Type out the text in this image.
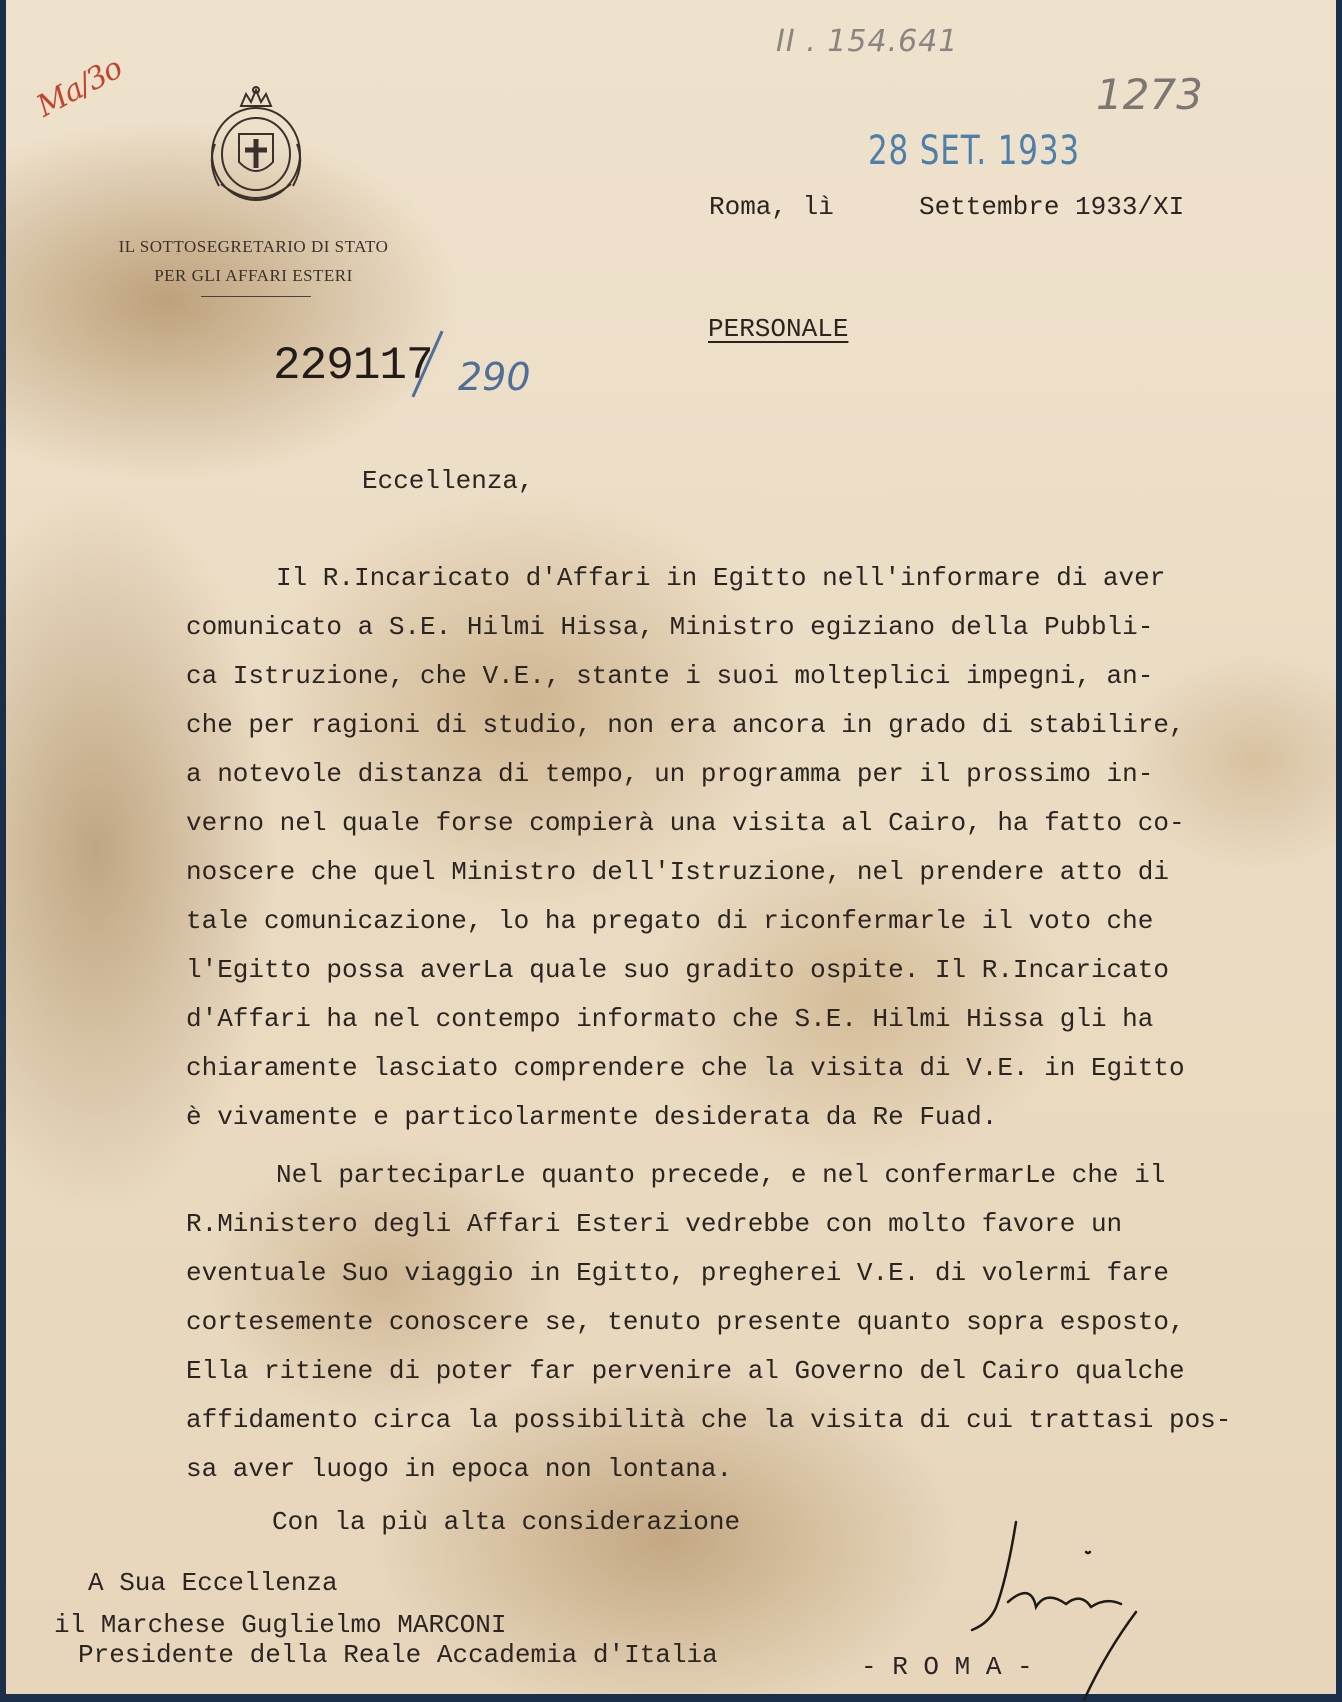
Ma/3o
II . 154.641
1273
28 SET. 1933
IL SOTTOSEGRETARIO DI STATO
PER GLI AFFARI ESTERI
229117 290
Roma, lì	Settembre 1933/XI
PERSONALE
Eccellenza,
Il R.Incaricato d'Affari in Egitto nell'informare di aver
comunicato a S.E. Hilmi Hissa, Ministro egiziano della Pubbli-
ca Istruzione, che V.E., stante i suoi molteplici impegni, an-
che per ragioni di studio, non era ancora in grado di stabilire,
a notevole distanza di tempo, un programma per il prossimo in-
verno nel quale forse compierà una visita al Cairo, ha fatto co-
noscere che quel Ministro dell'Istruzione, nel prendere atto di
tale comunicazione, lo ha pregato di riconfermarle il voto che
l'Egitto possa averLa quale suo gradito ospite. Il R.Incaricato
d'Affari ha nel contempo informato che S.E. Hilmi Hissa gli ha
chiaramente lasciato comprendere che la visita di V.E. in Egitto
è vivamente e particolarmente desiderata da Re Fuad.
Nel parteciparLe quanto precede, e nel confermarLe che il
R.Ministero degli Affari Esteri vedrebbe con molto favore un
eventuale Suo viaggio in Egitto, pregherei V.E. di volermi fare
cortesemente conoscere se, tenuto presente quanto sopra esposto,
Ella ritiene di poter far pervenire al Governo del Cairo qualche
affidamento circa la possibilità che la visita di cui trattasi pos-
sa aver luogo in epoca non lontana.
Con la più alta considerazione
A Sua Eccellenza
il Marchese Guglielmo MARCONI
Presidente della Reale Accademia d'Italia	- R O M A -
